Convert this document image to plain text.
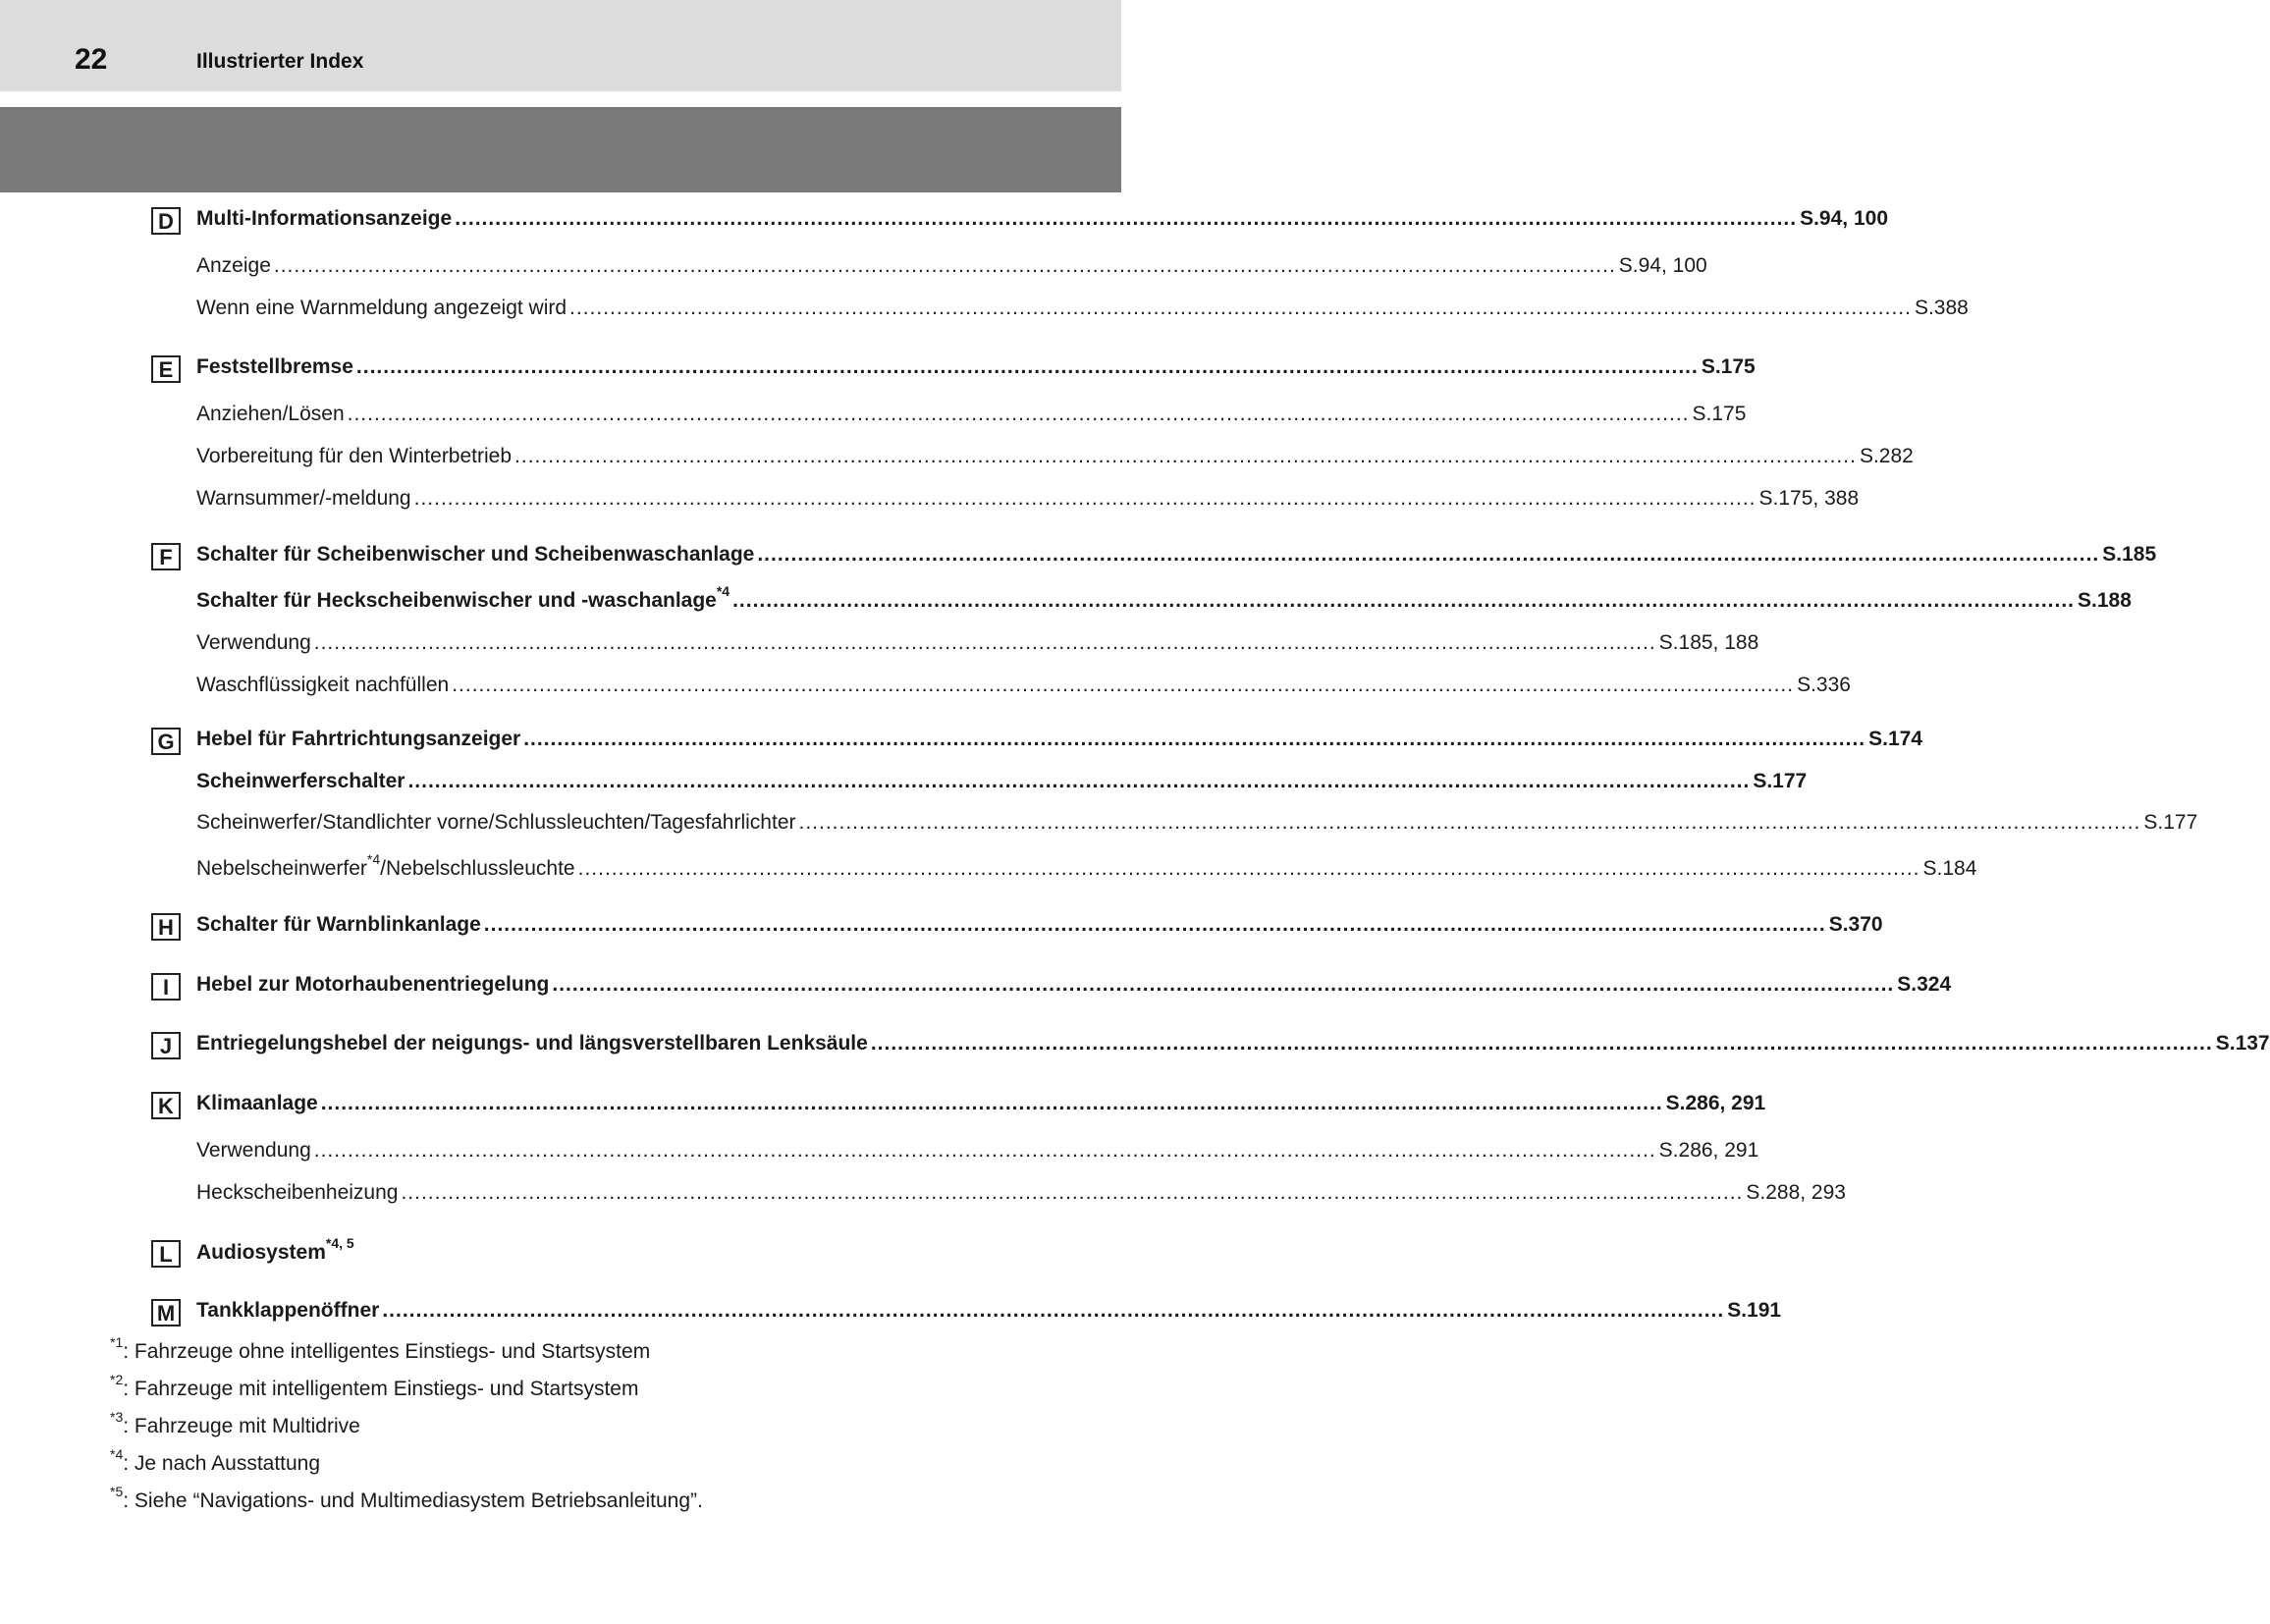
22	Illustrierter Index
D	Multi-Informationsanzeige ........................................................................................................................................................................................................ S.94, 100
Anzeige ........................................................................................................................................................................................................ S.94, 100
Wenn eine Warnmeldung angezeigt wird ........................................................................................................................................................................................................ S.388
E	Feststellbremse ........................................................................................................................................................................................................ S.175
Anziehen/Lösen ........................................................................................................................................................................................................ S.175
Vorbereitung für den Winterbetrieb ........................................................................................................................................................................................................ S.282
Warnsummer/-meldung ........................................................................................................................................................................................................ S.175, 388
F	Schalter für Scheibenwischer und Scheibenwaschanlage ........................................................................................................................................................................................................ S.185
Schalter für Heckscheibenwischer und -waschanlage$^{*4}$ ........................................................................................................................................................................................................ S.188
Verwendung ........................................................................................................................................................................................................ S.185, 188
Waschflüssigkeit nachfüllen ........................................................................................................................................................................................................ S.336
G	Hebel für Fahrtrichtungsanzeiger ........................................................................................................................................................................................................ S.174
Scheinwerferschalter ........................................................................................................................................................................................................ S.177
Scheinwerfer/Standlichter vorne/Schlussleuchten/Tagesfahrlichter ........................................................................................................................................................................................................ S.177
Nebelscheinwerfer$^{*4}$/Nebelschlussleuchte ........................................................................................................................................................................................................ S.184
H	Schalter für Warnblinkanlage ........................................................................................................................................................................................................ S.370
I	Hebel zur Motorhaubenentriegelung ........................................................................................................................................................................................................ S.324
J	Entriegelungshebel der neigungs- und längsverstellbaren Lenksäule ........................................................................................................................................................................................................ S.137
K	Klimaanlage ........................................................................................................................................................................................................ S.286, 291
Verwendung ........................................................................................................................................................................................................ S.286, 291
Heckscheibenheizung ........................................................................................................................................................................................................ S.288, 293
L	Audiosystem$^{*4, 5}$
M Tankklappenöffner ........................................................................................................................................................................................................ S.191
$^{*1}$: Fahrzeuge ohne intelligentes Einstiegs- und Startsystem
$^{*2}$: Fahrzeuge mit intelligentem Einstiegs- und Startsystem
$^{*3}$: Fahrzeuge mit Multidrive
$^{*4}$: Je nach Ausstattung
$^{*5}$: Siehe “Navigations- und Multimediasystem Betriebsanleitung”.
